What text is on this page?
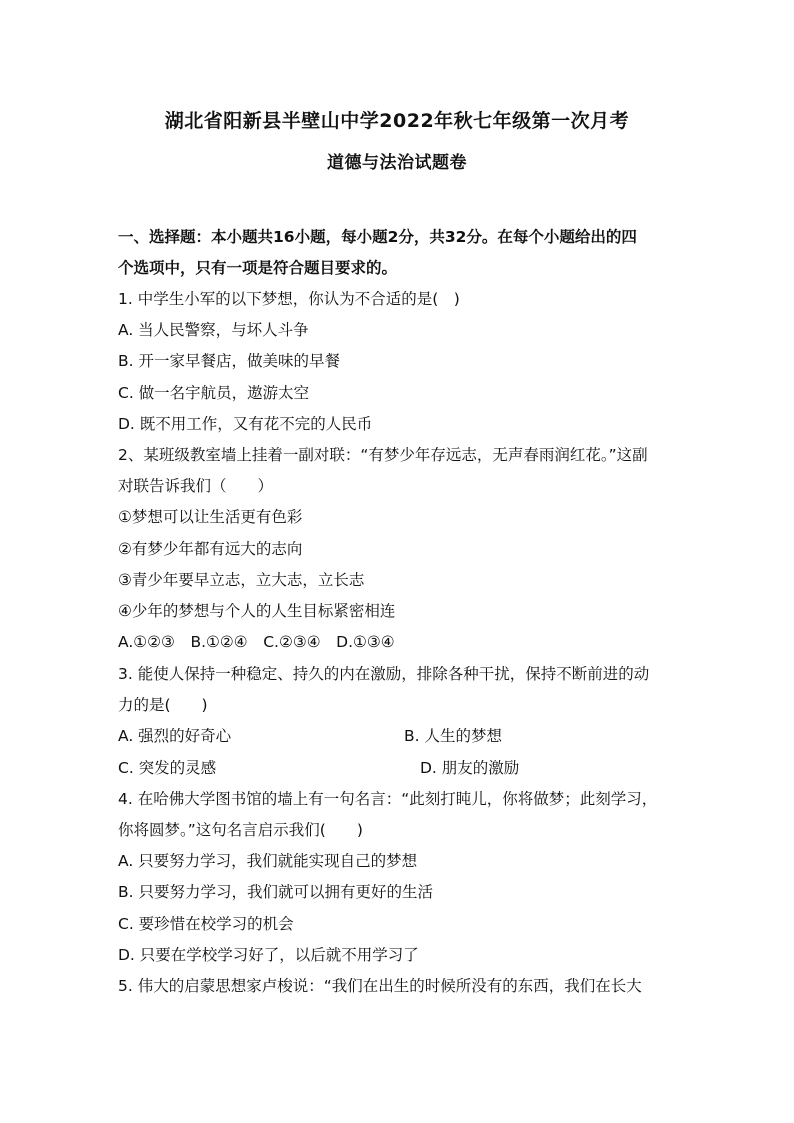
湖北省阳新县半壁山中学2022年秋七年级第一次月考
道德与法治试题卷
一、选择题：本小题共16小题，每小题2分，共32分。在每个小题给出的四
个选项中，只有一项是符合题目要求的。
1. 中学生小军的以下梦想，你认为不合适的是(　)
A. 当人民警察，与坏人斗争
B. 开一家早餐店，做美味的早餐
C. 做一名宇航员，遨游太空
D. 既不用工作，又有花不完的人民币
2、某班级教室墙上挂着一副对联：“有梦少年存远志，无声春雨润红花。”这副
对联告诉我们（　　）
①梦想可以让生活更有色彩
②有梦少年都有远大的志向
③青少年要早立志，立大志，立长志
④少年的梦想与个人的人生目标紧密相连
A.①②③　B.①②④　C.②③④　D.①③④
3. 能使人保持一种稳定、持久的内在激励，排除各种干扰，保持不断前进的动
力的是(　　)
A. 强烈的好奇心	B. 人生的梦想
C. 突发的灵感	D. 朋友的激励
4. 在哈佛大学图书馆的墙上有一句名言：“此刻打盹儿，你将做梦；此刻学习，
你将圆梦。”这句名言启示我们(　　)
A. 只要努力学习，我们就能实现自己的梦想
B. 只要努力学习，我们就可以拥有更好的生活
C. 要珍惜在校学习的机会
D. 只要在学校学习好了，以后就不用学习了
5. 伟大的启蒙思想家卢梭说：“我们在出生的时候所没有的东西，我们在长大
